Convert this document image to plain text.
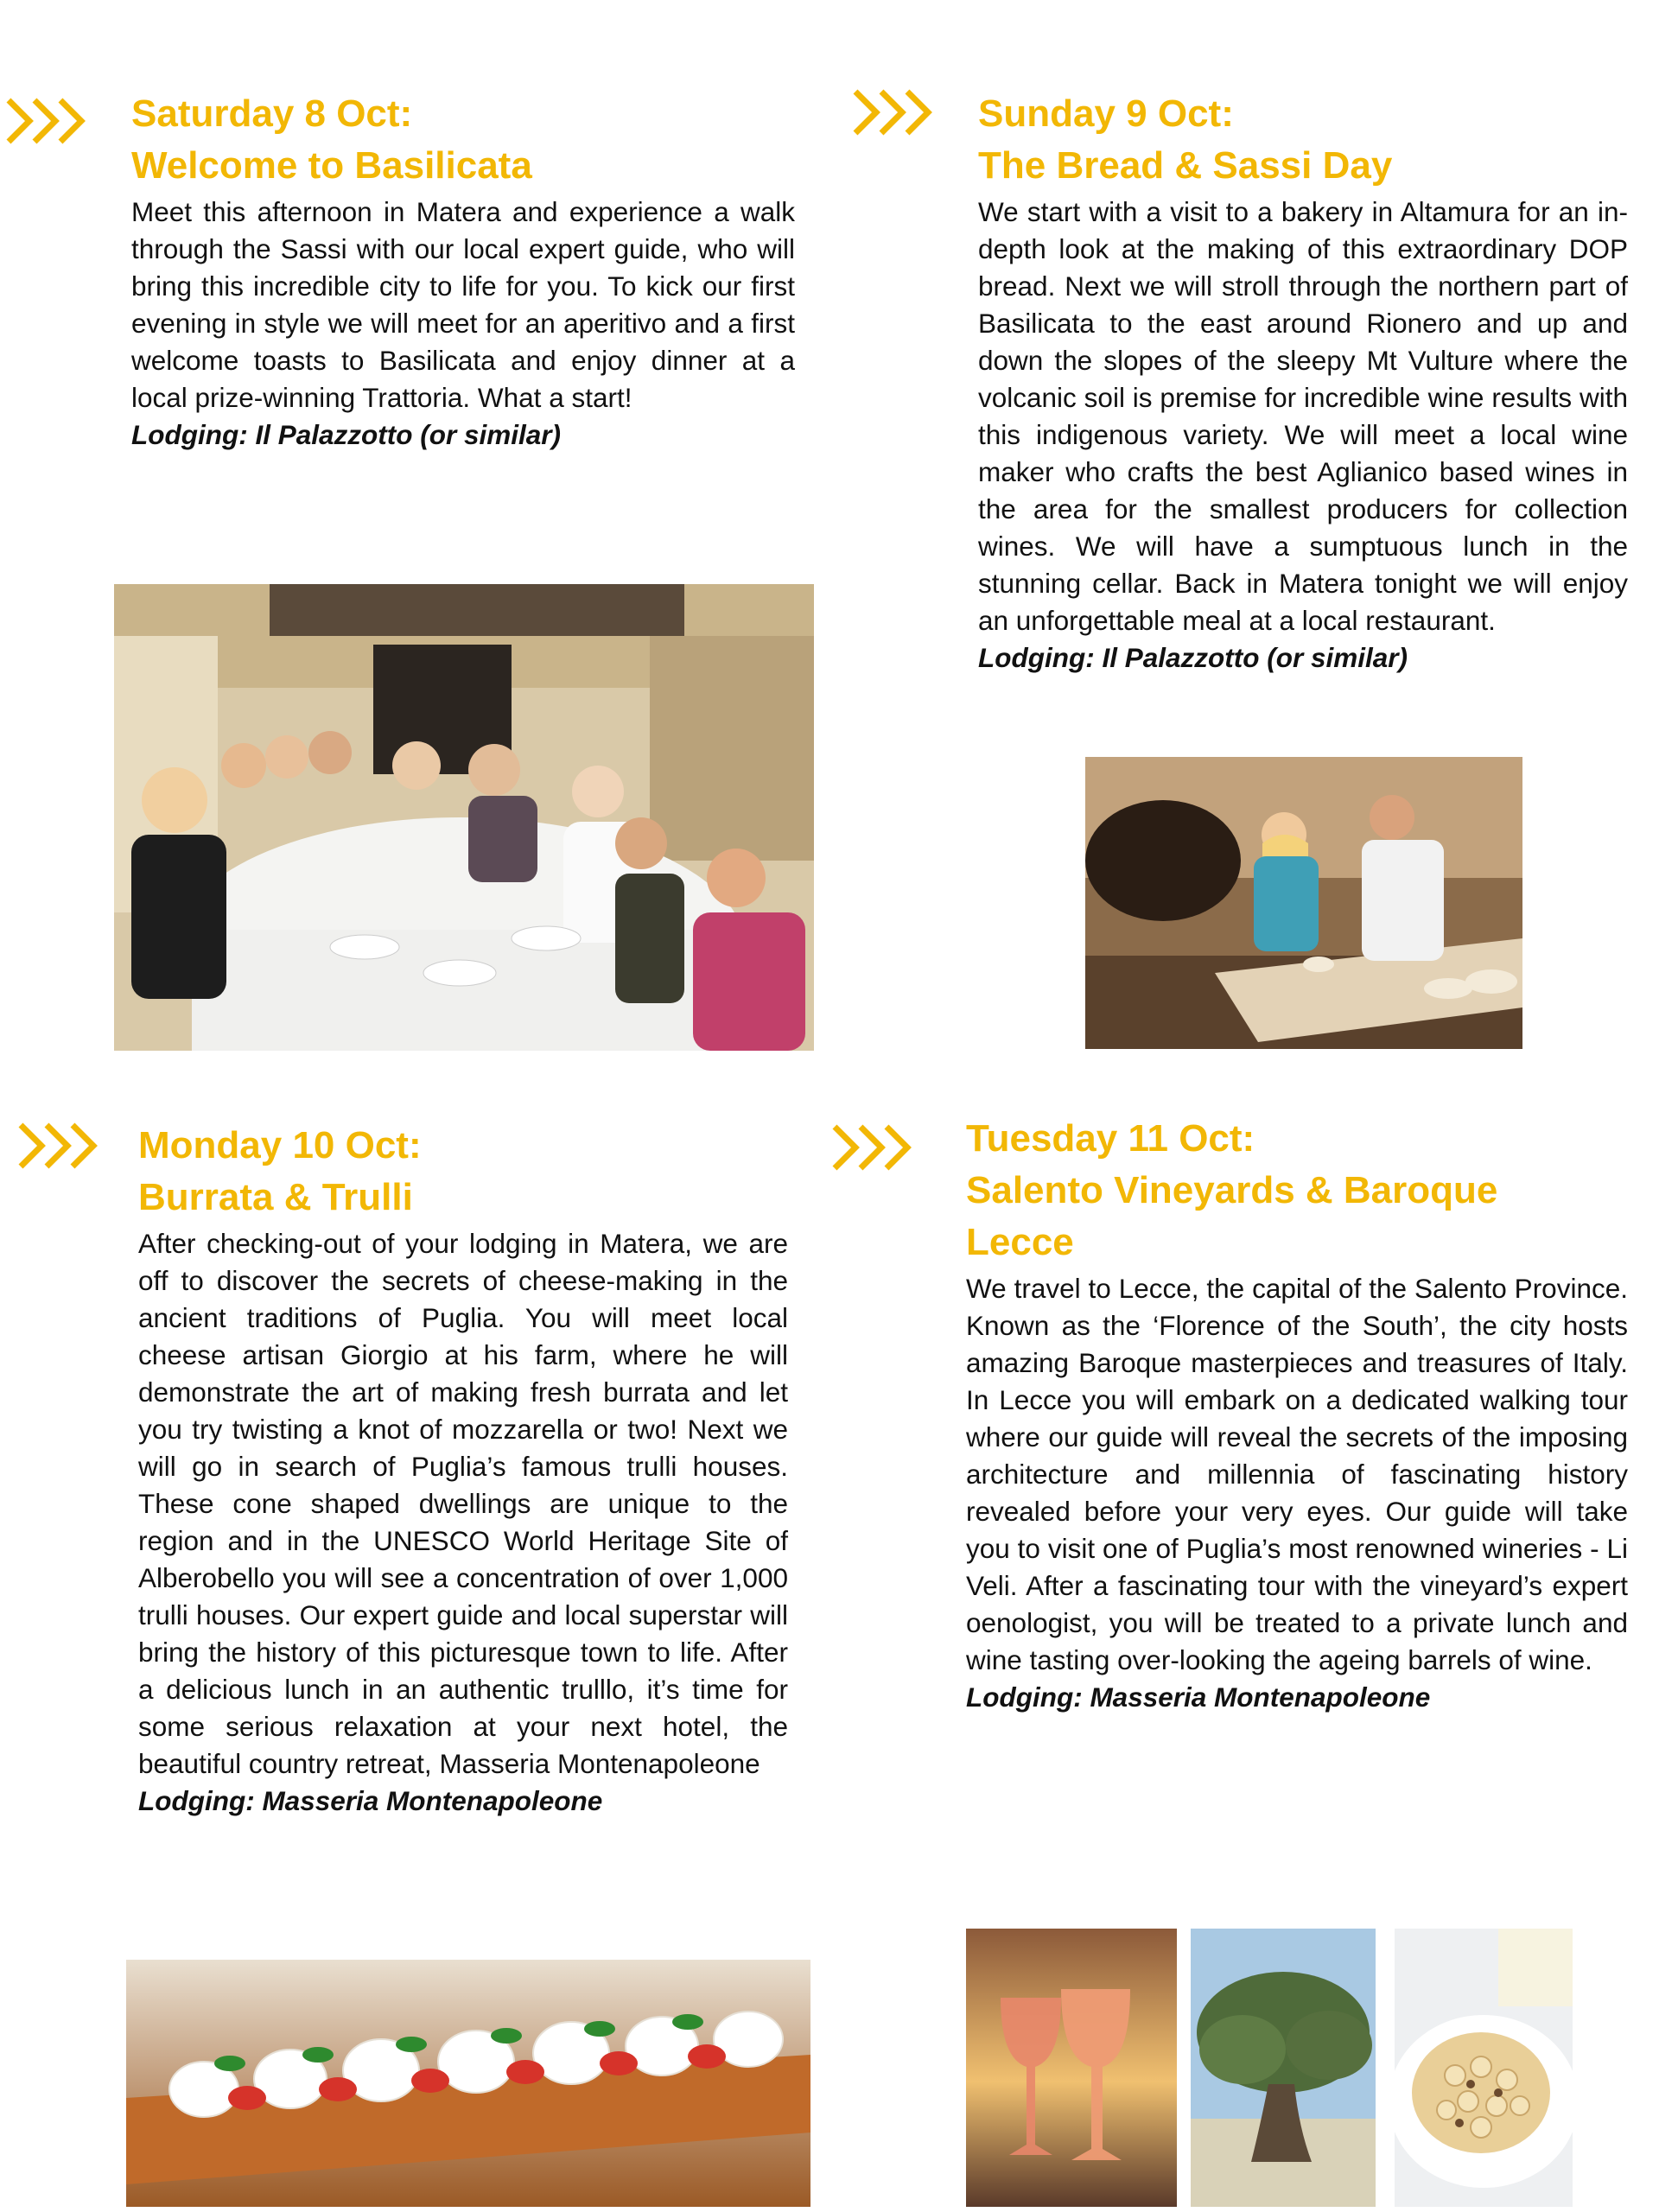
Saturday 8 Oct:
Welcome to Basilicata

Meet this afternoon in Matera and experience a walk through the Sassi with our local expert guide, who will bring this incredible city to life for you. To kick our first evening in style we will meet for an aperitivo and a first welcome toasts to Basilicata and enjoy dinner at a local prize-winning Trattoria. What a start!

Lodging: Il Palazzotto (or similar)

Sunday 9 Oct:
The Bread & Sassi Day

We start with a visit to a bakery in Altamura for an in-depth look at the making of this extraordinary DOP bread. Next we will stroll through the northern part of Basilicata to the east around Rionero and up and down the slopes of the sleepy Mt Vulture where the volcanic soil is premise for incredible wine results with this indigenous variety. We will meet a local wine maker who crafts the best Aglianico based wines in the area for the smallest producers for collection wines. We will have a sumptuous lunch in the stunning cellar. Back in Matera tonight we will enjoy an unforgettable meal at a local restaurant.

Lodging: Il Palazzotto (or similar)

Monday 10 Oct:
Burrata & Trulli

After checking-out of your lodging in Matera, we are off to discover the secrets of cheese-making in the ancient traditions of Puglia. You will meet local cheese artisan Giorgio at his farm, where he will demonstrate the art of making fresh burrata and let you try twisting a knot of mozzarella or two! Next we will go in search of Puglia’s famous trulli houses. These cone shaped dwellings are unique to the region and in the UNESCO World Heritage Site of Alberobello you will see a concentration of over 1,000 trulli houses. Our expert guide and local superstar will bring the history of this picturesque town to life. After a delicious lunch in an authentic trulllo, it’s time for some serious relaxation at your next hotel, the beautiful country retreat, Masseria Montenapoleone

Lodging: Masseria Montenapoleone

Tuesday 11 Oct:
Salento Vineyards & Baroque Lecce

We travel to Lecce, the capital of the Salento Province. Known as the ‘Florence of the South’, the city hosts amazing Baroque masterpieces and treasures of Italy. In Lecce you will embark on a dedicated walking tour where our guide will reveal the secrets of the imposing architecture and millennia of fascinating history revealed before your very eyes. Our guide will take you to visit one of Puglia’s most renowned wineries - Li Veli. After a fascinating tour with the vineyard’s expert oenologist, you will be treated to a private lunch and wine tasting over-looking the ageing barrels of wine.

Lodging: Masseria Montenapoleone
